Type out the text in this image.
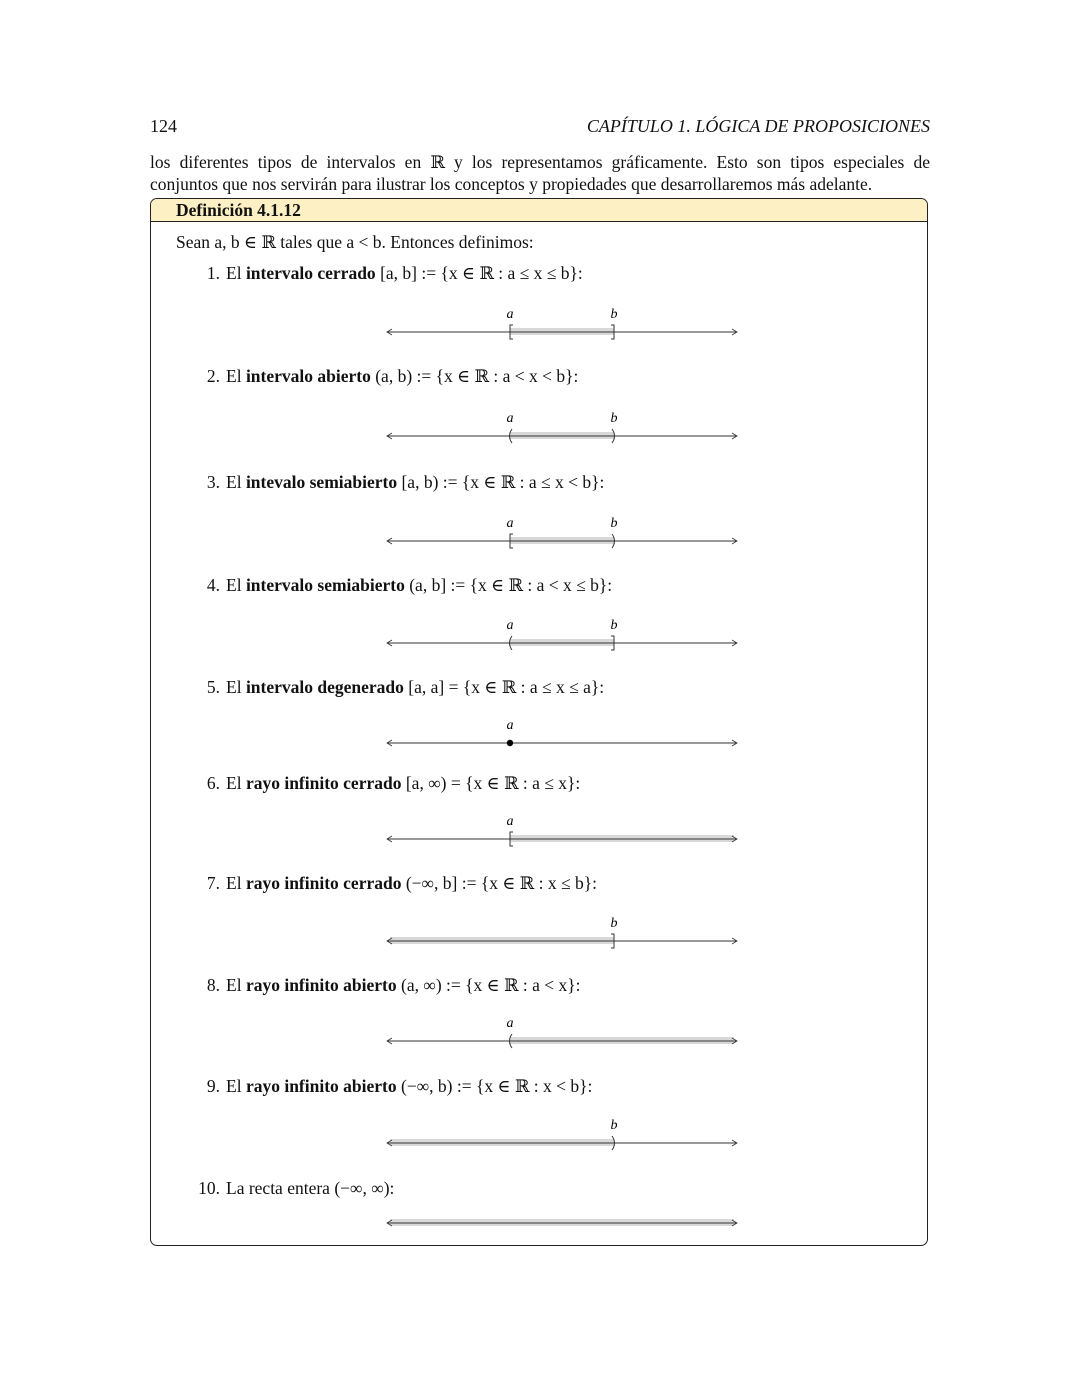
124	CAPÍTULO 1. LÓGICA DE PROPOSICIONES
los diferentes tipos de intervalos en ℝ y los representamos gráficamente. Esto son tipos especiales de
conjuntos que nos servirán para ilustrar los conceptos y propiedades que desarrollaremos más adelante.
Definición 4.1.12
Sean a, b ∈ ℝ tales que a < b. Entonces definimos:
1. El intervalo cerrado [a, b] := {x ∈ ℝ : a ≤ x ≤ b}:
a	b
2. El intervalo abierto (a, b) := {x ∈ ℝ : a < x < b}:
a	b
3. El intevalo semiabierto [a, b) := {x ∈ ℝ : a ≤ x < b}:
a	b
4. El intervalo semiabierto (a, b] := {x ∈ ℝ : a < x ≤ b}:
a	b
5. El intervalo degenerado [a, a] = {x ∈ ℝ : a ≤ x ≤ a}:
a
6. El rayo infinito cerrado [a, ∞) = {x ∈ ℝ : a ≤ x}:
a
7. El rayo infinito cerrado (−∞, b] := {x ∈ ℝ : x ≤ b}:
b
8. El rayo infinito abierto (a, ∞) := {x ∈ ℝ : a < x}:
a
9. El rayo infinito abierto (−∞, b) := {x ∈ ℝ : x < b}:
b
10. La recta entera (−∞, ∞):
